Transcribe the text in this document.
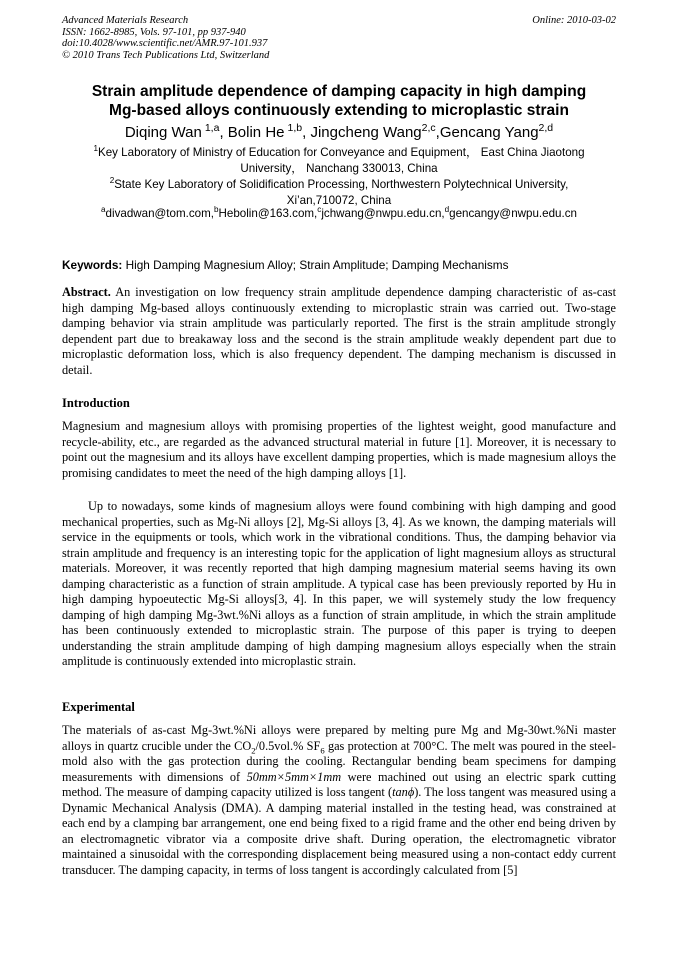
Advanced Materials Research
ISSN: 1662-8985, Vols. 97-101, pp 937-940
doi:10.4028/www.scientific.net/AMR.97-101.937
© 2010 Trans Tech Publications Ltd, Switzerland
Online: 2010-03-02
Strain amplitude dependence of damping capacity in high damping
Mg-based alloys continuously extending to microplastic strain
Diqing Wan  $^{1,a}$, Bolin He  $^{1,b}$, Jingcheng Wang$^{2,c}$,Gencang Yang$^{2,d}$
$^1$Key Laboratory of Ministry of Education for Conveyance and Equipment， East China Jiaotong
University， Nanchang 330013, China
$^2$State Key Laboratory of Solidification Processing, Northwestern Polytechnical University,
Xi’an,710072, China
$^a$divadwan@tom.com,$^b$Hebolin@163.com,$^c$jchwang@nwpu.edu.cn,$^d$gencangy@nwpu.edu.cn
Keywords: High Damping Magnesium Alloy; Strain Amplitude; Damping Mechanisms
Abstract. An investigation on low frequency strain amplitude dependence damping characteristic of as-cast high damping Mg-based alloys continuously extending to microplastic strain was carried out. Two-stage damping behavior via strain amplitude was particularly reported. The first is the strain amplitude strongly dependent part due to breakaway loss and the second is the strain amplitude weakly dependent part due to microplastic deformation loss, which is also frequency dependent. The damping mechanism is discussed in detail.
Introduction
Magnesium and magnesium alloys with promising properties of the lightest weight, good manufacture and recycle-ability, etc., are regarded as the advanced structural material in future [1]. Moreover, it is necessary to point out the magnesium and its alloys have excellent damping properties, which is made magnesium alloys the promising candidates to meet the need of the high damping alloys [1].
Up to nowadays, some kinds of magnesium alloys were found combining with high damping and good mechanical properties, such as Mg-Ni alloys [2], Mg-Si alloys [3, 4]. As we known, the damping materials will service in the equipments or tools, which work in the vibrational conditions. Thus, the damping behavior via strain amplitude and frequency is an interesting topic for the application of light magnesium alloys as structural materials. Moreover, it was recently reported that high damping magnesium material seems having its own damping characteristic as a function of strain amplitude. A typical case has been previously reported by Hu in high damping hypoeutectic Mg-Si alloys[3, 4]. In this paper, we will systemely study the low frequency damping of high damping Mg-3wt.%Ni alloys as a function of strain amplitude, in which the strain amplitude has been continuously extended to microplastic strain. The purpose of this paper is trying to deepen understanding the strain amplitude damping of high damping magnesium alloys especially when the strain amplitude is continuously extended into microplastic strain.
Experimental
The materials of as-cast Mg-3wt.%Ni alloys were prepared by melting pure Mg and Mg-30wt.%Ni master alloys in quartz crucible under the $CO_2/0.5vol.\%$ $SF_6$ gas protection at 700°C. The melt was poured in the steel-mold also with the gas protection during the cooling. Rectangular bending beam specimens for damping measurements with dimensions of 50mm×5mm×1mm were machined out using an electric spark cutting method. The measure of damping capacity utilized is loss tangent (tanϕ). The loss tangent was measured using a Dynamic Mechanical Analysis (DMA). A damping material installed in the testing head, was constrained at each end by a clamping bar arrangement, one end being fixed to a rigid frame and the other end being driven by an electromagnetic vibrator via a composite drive shaft. During operation, the electromagnetic vibrator maintained a sinusoidal with the corresponding displacement being measured using a non-contact eddy current transducer. The damping capacity, in terms of loss tangent is accordingly calculated from [5]
